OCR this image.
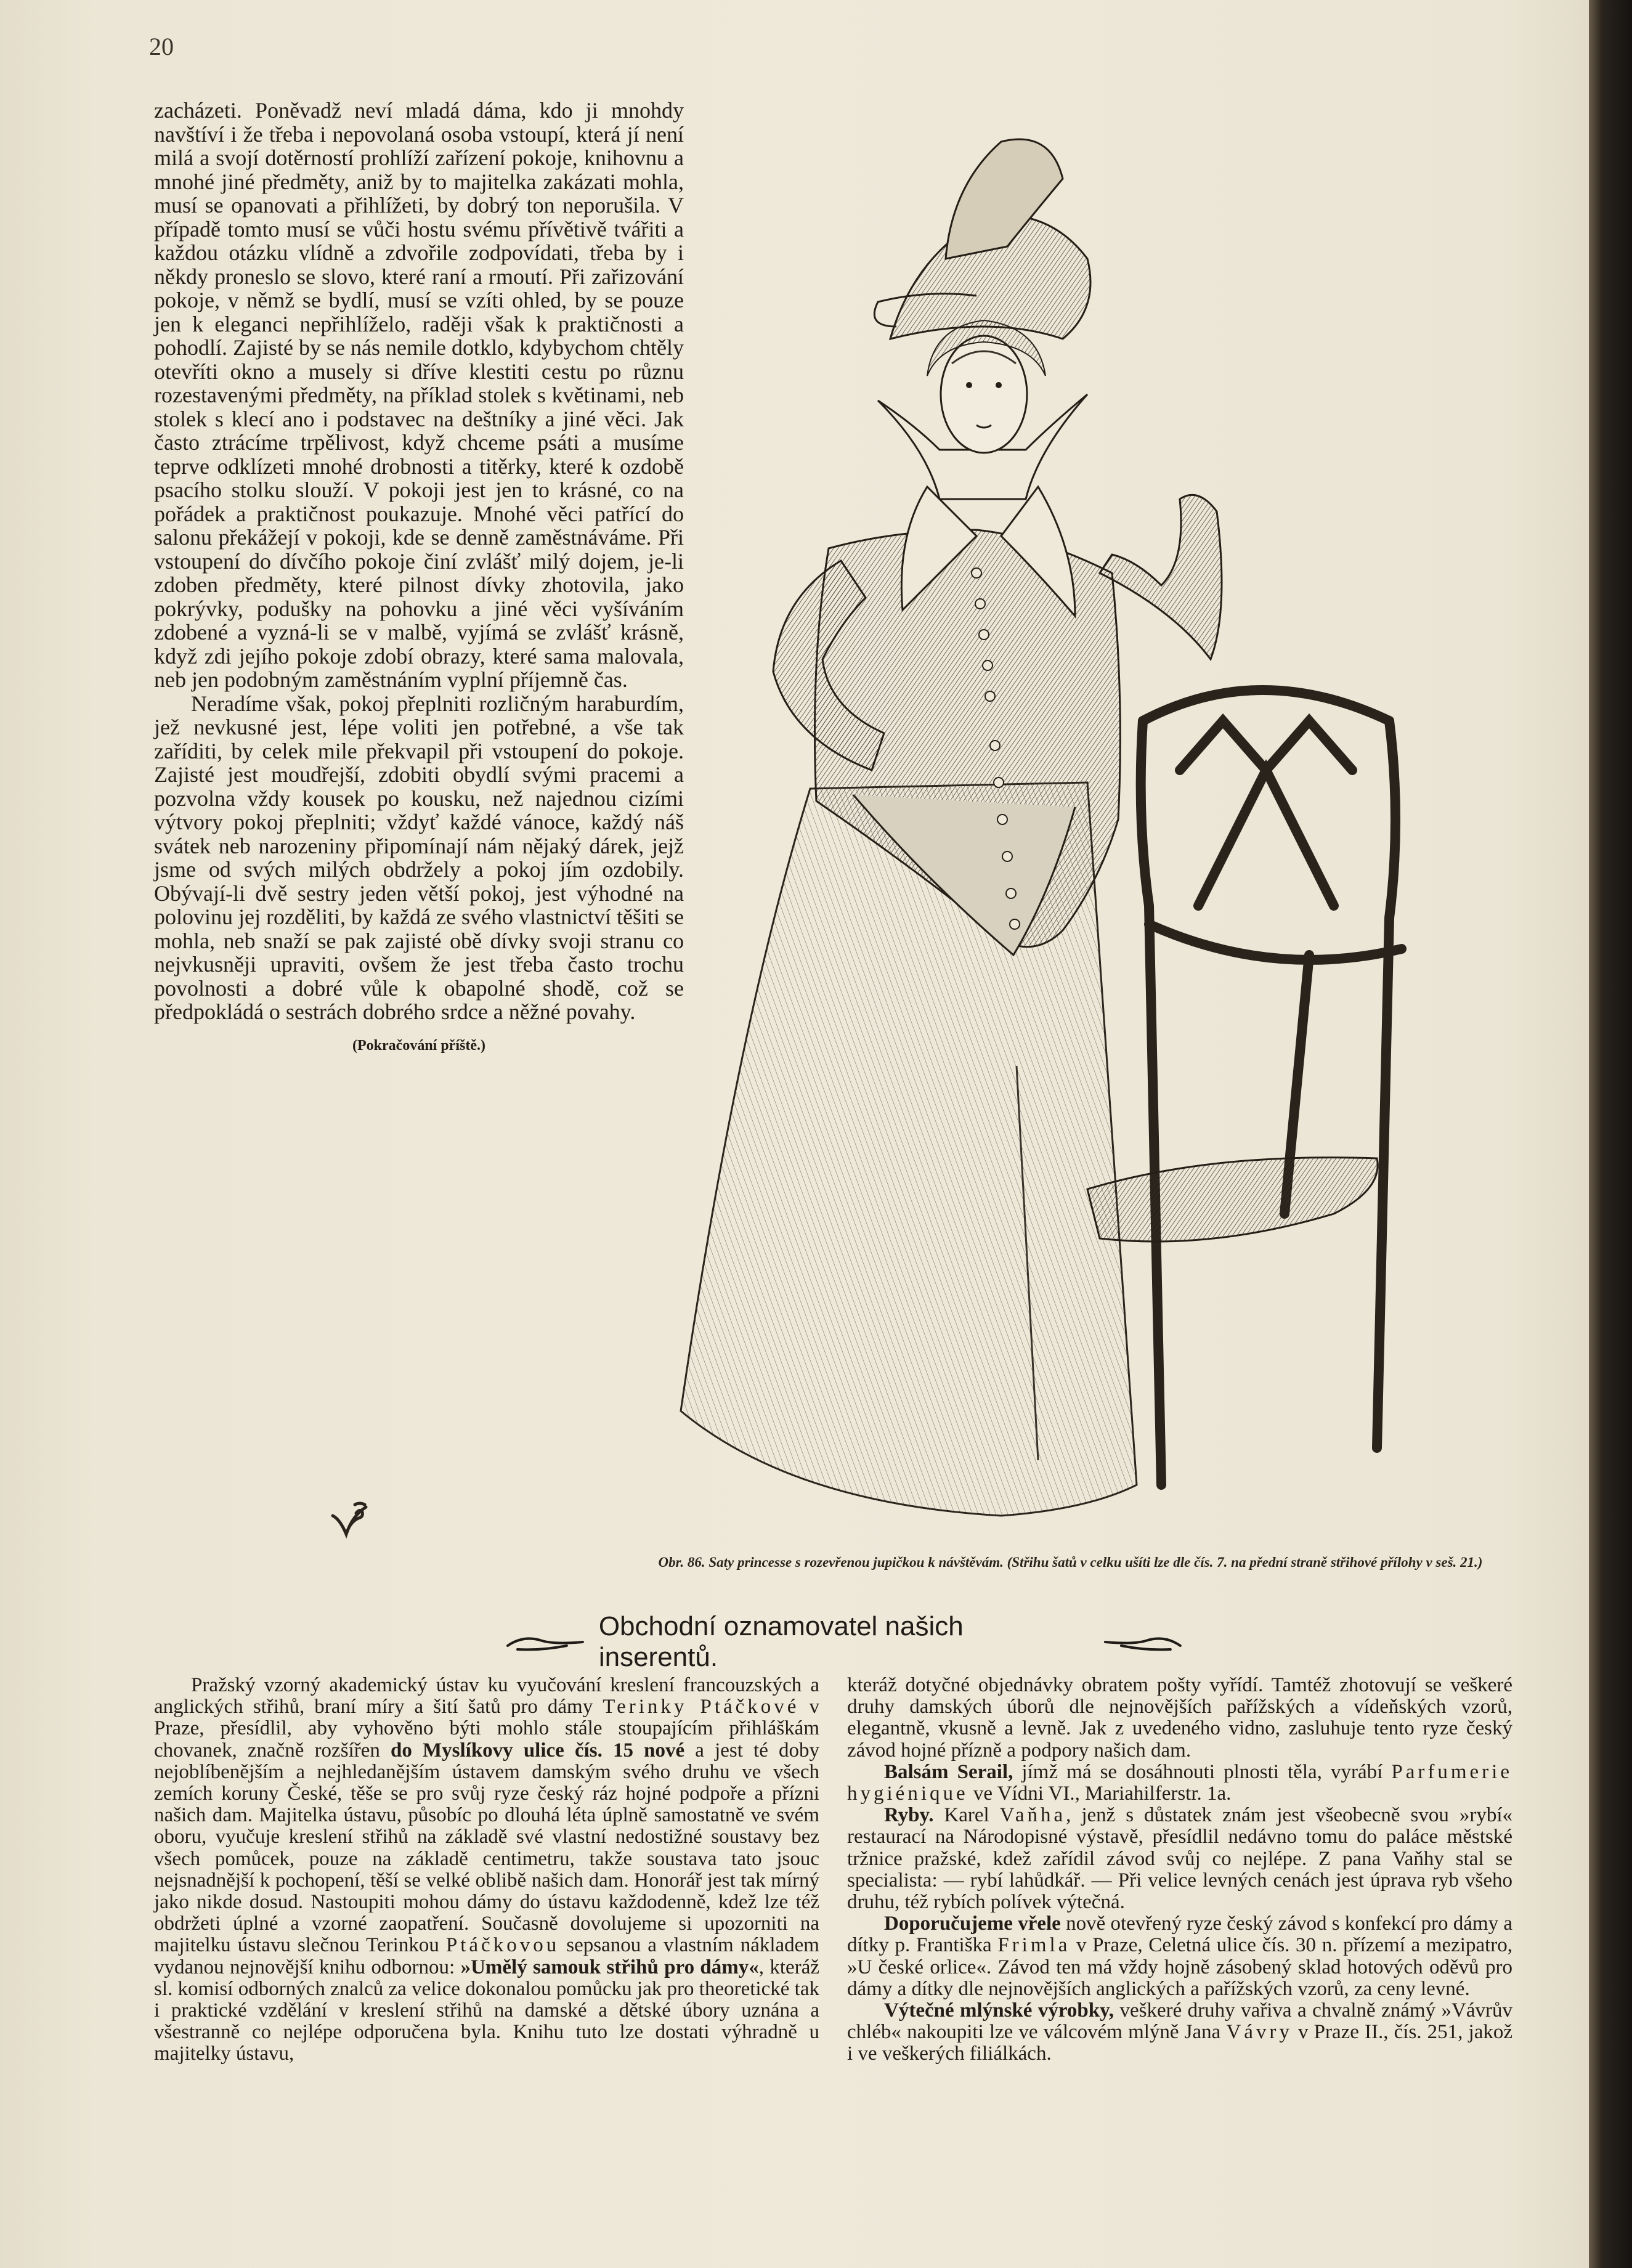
20

zacházeti. Poněvadž neví mladá dáma, kdo ji mnohdy navštíví i že třeba i nepovolaná osoba vstoupí, která jí není milá a svojí dotěrností prohlíží zařízení pokoje, knihovnu a mnohé jiné předměty, aniž by to majitelka zakázati mohla, musí se opanovati a přihlížeti, by dobrý ton neporušila. V případě tomto musí se vůči hostu svému přívětivě tvářiti a každou otázku vlídně a zdvořile zodpovídati, třeba by i někdy proneslo se slovo, které raní a rmoutí. Při zařizování pokoje, v němž se bydlí, musí se vzíti ohled, by se pouze jen k eleganci nepřihlíželo, raději však k praktičnosti a pohodlí. Zajisté by se nás nemile dotklo, kdybychom chtěly otevříti okno a musely si dříve klestiti cestu po různu rozestavenými předměty, na příklad stolek s květinami, neb stolek s klecí ano i podstavec na deštníky a jiné věci. Jak často ztrácíme trpělivost, když chceme psáti a musíme teprve odklízeti mnohé drobnosti a titěrky, které k ozdobě psacího stolku slouží. V pokoji jest jen to krásné, co na pořádek a praktičnost poukazuje. Mnohé věci patřící do salonu překážejí v pokoji, kde se denně zaměstnáváme. Při vstoupení do dívčího pokoje činí zvlášť milý dojem, je-li zdoben předměty, které pilnost dívky zhotovila, jako pokrývky, podušky na pohovku a jiné věci vyšíváním zdobené a vyzná-li se v malbě, vyjímá se zvlášť krásně, když zdi jejího pokoje zdobí obrazy, které sama malovala, neb jen podobným zaměstnáním vyplní příjemně čas.

Neradíme však, pokoj přeplniti rozličným haraburdím, jež nevkusné jest, lépe voliti jen potřebné, a vše tak zaříditi, by celek mile překvapil při vstoupení do pokoje. Zajisté jest moudřejší, zdobiti obydlí svými pracemi a pozvolna vždy kousek po kousku, než najednou cizími výtvory pokoj přeplniti; vždyť každé vánoce, každý náš svátek neb narozeniny připomínají nám nějaký dárek, jejž jsme od svých milých obdržely a pokoj jím ozdobily. Obývají-li dvě sestry jeden větší pokoj, jest výhodné na polovinu jej rozděliti, by každá ze svého vlastnictví těšiti se mohla, neb snaží se pak zajisté obě dívky svoji stranu co nejvkusněji upraviti, ovšem že jest třeba často trochu povolnosti a dobré vůle k obapolné shodě, což se předpokládá o sestrách dobrého srdce a něžné povahy.

(Pokračování příště.)
Obr. 86. Saty princesse s rozevřenou jupičkou k návštěvám. (Střihu šatů v celku ušíti lze dle čís. 7. na přední straně střihové přílohy v seš. 21.)
Obchodní oznamovatel našich inserentů.

Pražský vzorný akademický ústav ku vyučování kreslení francouzských a anglických střihů, braní míry a šití šatů pro dámy Terinky Ptáčkové v Praze, přesídlil, aby vyhověno býti mohlo stále stoupajícím přihláškám chovanek, značně rozšířen do Myslíkovy ulice čís. 15 nové a jest té doby nejoblíbenějším a nejhledanějším ústavem damským svého druhu ve všech zemích koruny České, těše se pro svůj ryze český ráz hojné podpoře a přízni našich dam. Majitelka ústavu, působíc po dlouhá léta úplně samostatně ve svém oboru, vyučuje kreslení střihů na základě své vlastní nedostižné soustavy bez všech pomůcek, pouze na základě centimetru, takže soustava tato jsouc nejsnadnější k pochopení, těší se velké oblibě našich dam. Honorář jest tak mírný jako nikde dosud. Nastoupiti mohou dámy do ústavu každodenně, kdež lze též obdržeti úplné a vzorné zaopatření. Současně dovolujeme si upozorniti na majitelku ústavu slečnou Terinkou Ptáčkovou sepsanou a vlastním nákladem vydanou nejnovější knihu odbornou: »Umělý samouk střihů pro dámy«, kteráž sl. komisí odborných znalců za velice dokonalou pomůcku jak pro theoretické tak i praktické vzdělání v kreslení střihů na damské a dětské úbory uznána a všestranně co nejlépe odporučena byla. Knihu tuto lze dostati výhradně u majitelky ústavu,

kteráž dotyčné objednávky obratem pošty vyřídí. Tamtéž zhotovují se veškeré druhy damských úborů dle nejnovějších pařížských a vídeňských vzorů, elegantně, vkusně a levně. Jak z uvedeného vidno, zasluhuje tento ryze český závod hojné přízně a podpory našich dam.

Balsám Serail, jímž má se dosáhnouti plnosti těla, vyrábí Parfumerie hygiénique ve Vídni VI., Mariahilferstr. 1a.

Ryby. Karel Vaňha, jenž s důstatek znám jest všeobecně svou »rybí« restaurací na Národopisné výstavě, přesídlil nedávno tomu do paláce městské tržnice pražské, kdež zařídil závod svůj co nejlépe. Z pana Vaňhy stal se specialista: — rybí lahůdkář. — Při velice levných cenách jest úprava ryb všeho druhu, též rybích polívek výtečná.

Doporučujeme vřele nově otevřený ryze český závod s konfekcí pro dámy a dítky p. Františka Frimla v Praze, Celetná ulice čís. 30 n. přízemí a mezipatro, »U české orlice«. Závod ten má vždy hojně zásobený sklad hotových oděvů pro dámy a dítky dle nejnovějších anglických a pařížských vzorů, za ceny levné.

Výtečné mlýnské výrobky, veškeré druhy vařiva a chvalně známý »Vávrův chléb« nakoupiti lze ve válcovém mlýně Jana Vávry v Praze II., čís. 251, jakož i ve veškerých filiálkách.
